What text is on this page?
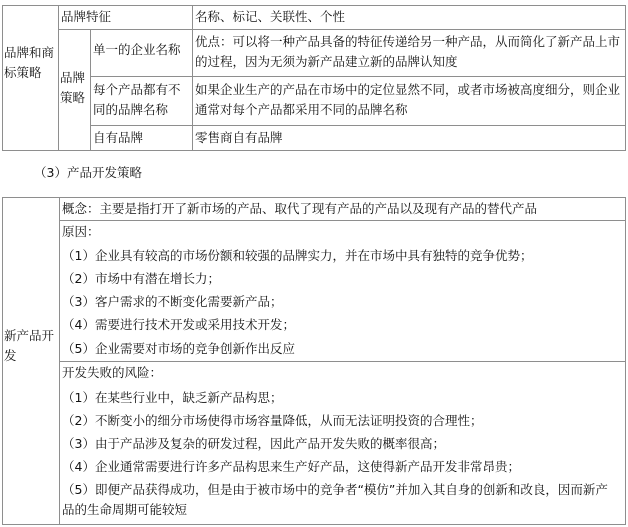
品牌和商标策略
品牌特征	名称、标记、关联性、个性
品牌策略
单一的企业名称
优点：可以将一种产品具备的特征传递给另一种产品，从而简化了新产品上市的过程，因为无须为新产品建立新的品牌认知度
每个产品都有不同的品牌名称
如果企业生产的产品在市场中的定位显然不同，或者市场被高度细分，则企业通常对每个产品都采用不同的品牌名称
自有品牌	零售商自有品牌
（3）产品开发策略
新产品开发
概念：主要是指打开了新市场的产品、取代了现有产品的产品以及现有产品的替代产品
原因：
（1）企业具有较高的市场份额和较强的品牌实力，并在市场中具有独特的竞争优势；
（2）市场中有潜在增长力；
（3）客户需求的不断变化需要新产品；
（4）需要进行技术开发或采用技术开发；
（5）企业需要对市场的竞争创新作出反应
开发失败的风险：
（1）在某些行业中，缺乏新产品构思；
（2）不断变小的细分市场使得市场容量降低，从而无法证明投资的合理性；
（3）由于产品涉及复杂的研发过程，因此产品开发失败的概率很高；
（4）企业通常需要进行许多产品构思来生产好产品，这使得新产品开发非常昂贵；
（5）即便产品获得成功，但是由于被市场中的竞争者“模仿”并加入其自身的创新和改良，因而新产品的生命周期可能较短
